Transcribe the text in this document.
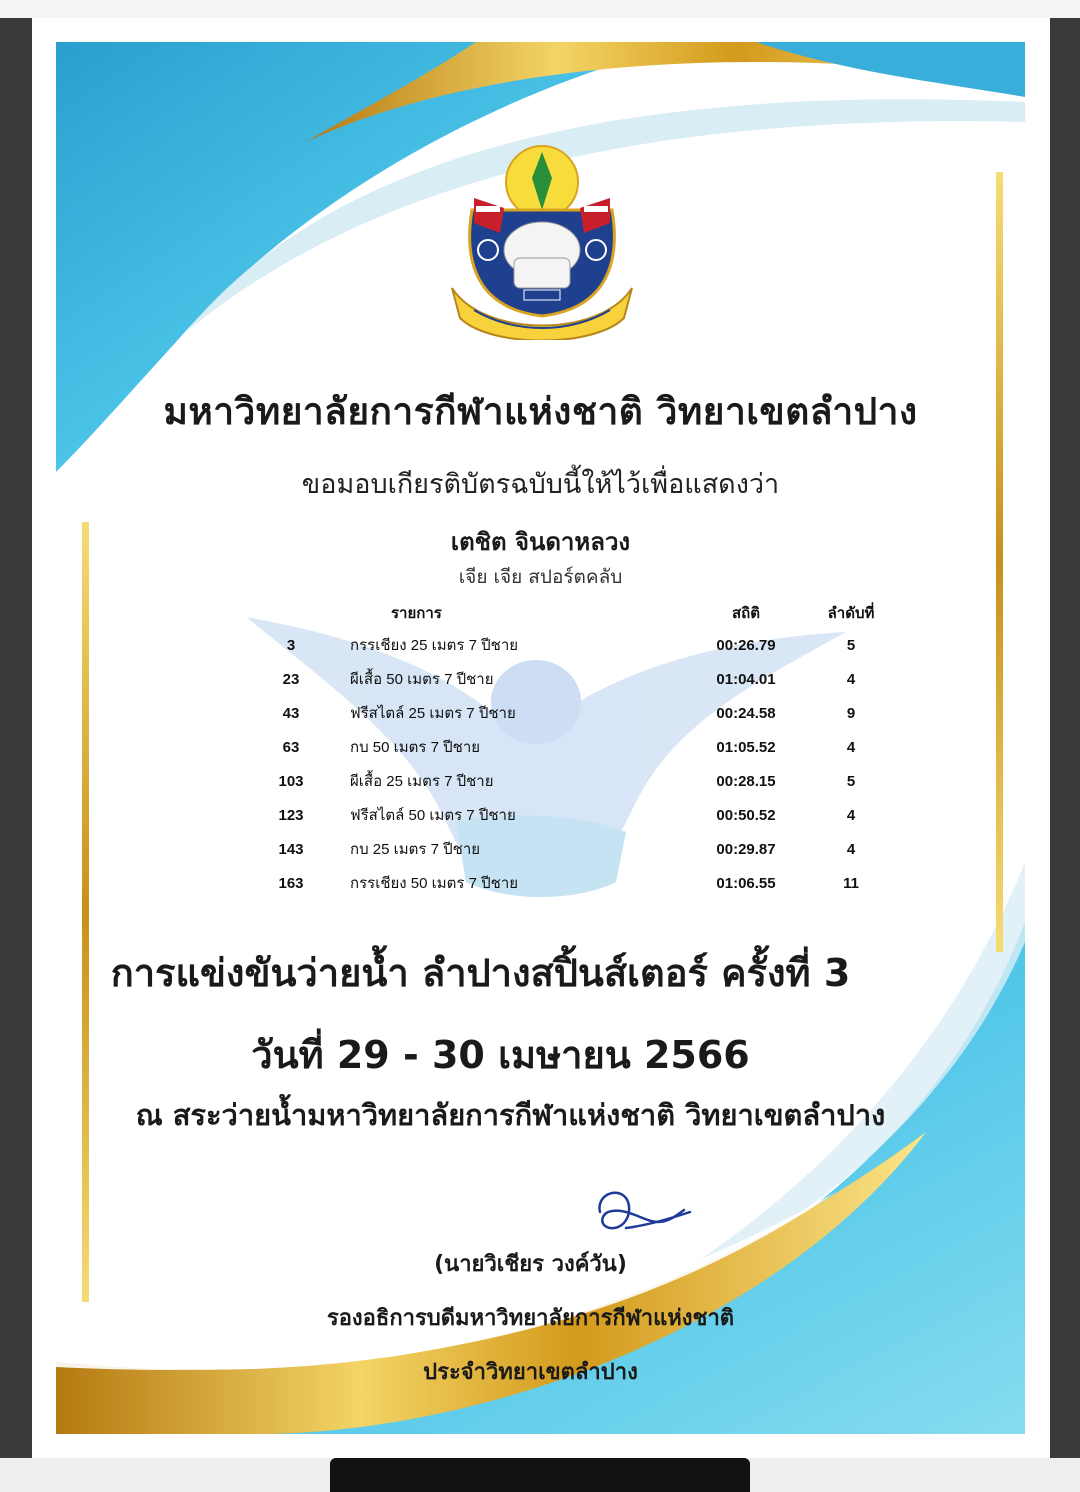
มหาวิทยาลัยการกีฬาแห่งชาติ วิทยาเขตลำปาง
ขอมอบเกียรติบัตรฉบับนี้ให้ไว้เพื่อแสดงว่า
เตชิต จินดาหลวง
เจีย เจีย สปอร์ตคลับ
	รายการ	สถิติ	ลำดับที่
3	กรรเชียง 25 เมตร 7 ปีชาย	00:26.79	5
23	ผีเสื้อ 50 เมตร 7 ปีชาย	01:04.01	4
43	ฟรีสไตล์ 25 เมตร 7 ปีชาย	00:24.58	9
63	กบ 50 เมตร 7 ปีชาย	01:05.52	4
103	ผีเสื้อ 25 เมตร 7 ปีชาย	00:28.15	5
123	ฟรีสไตล์ 50 เมตร 7 ปีชาย	00:50.52	4
143	กบ 25 เมตร 7 ปีชาย	00:29.87	4
163	กรรเชียง 50 เมตร 7 ปีชาย	01:06.55	11
การแข่งขันว่ายน้ำ ลำปางสปิ้นส์เตอร์ ครั้งที่ 3
วันที่ 29 - 30 เมษายน 2566
ณ สระว่ายน้ำมหาวิทยาลัยการกีฬาแห่งชาติ วิทยาเขตลำปาง
(นายวิเชียร วงค์วัน)
รองอธิการบดีมหาวิทยาลัยการกีฬาแห่งชาติ
ประจำวิทยาเขตลำปาง
